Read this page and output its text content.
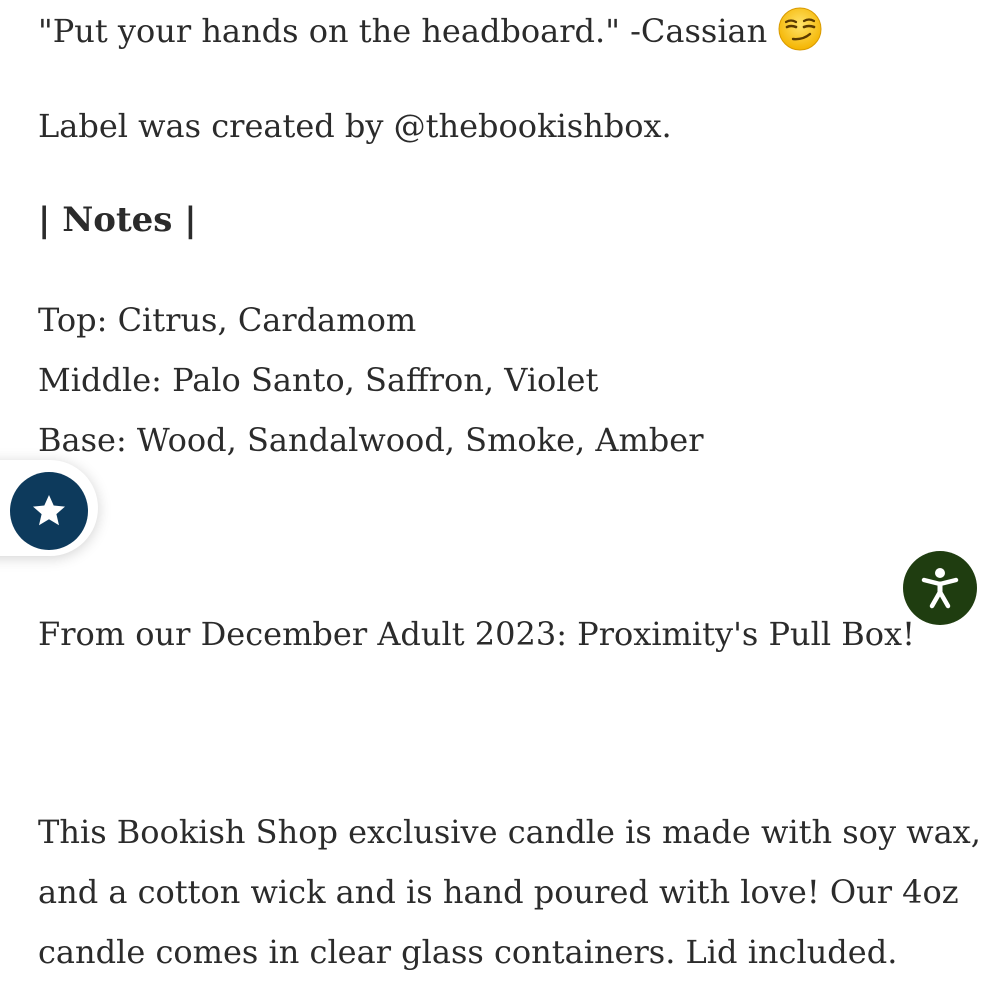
"Put your hands on the headboard." -Cassian

Label was created by @thebookishbox.

| Notes |

Top: Citrus, Cardamom

Middle: Palo Santo, Saffron, Violet

Base: Wood, Sandalwood, Smoke, Amber

From our December Adult 2023: Proximity's Pull Box!

This Bookish Shop exclusive candle is made with soy wax,
and a cotton wick and is hand poured with love! Our 4oz
candle comes in clear glass containers. Lid included.
